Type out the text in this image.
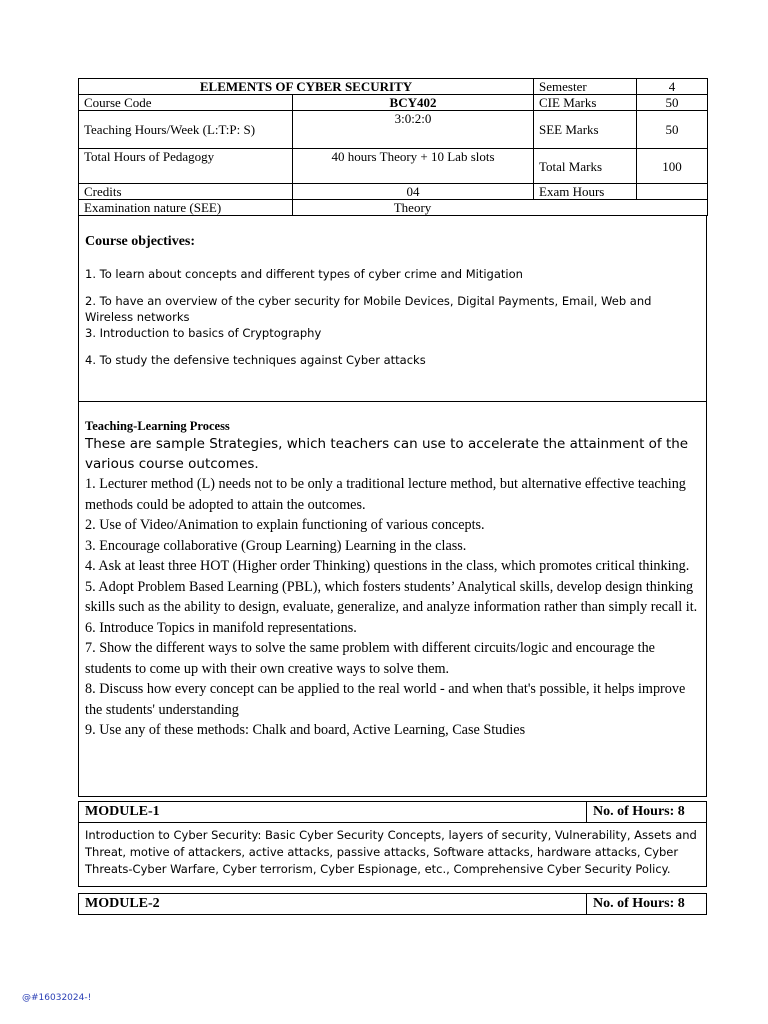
ELEMENTS OF CYBER SECURITY		Semester	4
Course Code	BCY402	CIE Marks	50
Teaching Hours/Week (L:T:P: S)	3:0:2:0	SEE Marks	50
Total Hours of Pedagogy	40 hours Theory + 10 Lab slots	Total Marks	100
Credits	04	Exam Hours	
Examination nature (SEE)	Theory		

Course objectives:

1. To learn about concepts and different types of cyber crime and Mitigation

2. To have an overview of the cyber security for Mobile Devices, Digital Payments, Email, Web and Wireless networks

3. Introduction to basics of Cryptography

4. To study the defensive techniques against Cyber attacks

Teaching-Learning Process

These are sample Strategies, which teachers can use to accelerate the attainment of the various course outcomes.

1. Lecturer method (L) needs not to be only a traditional lecture method, but alternative effective teaching methods could be adopted to attain the outcomes.

2. Use of Video/Animation to explain functioning of various concepts.

3. Encourage collaborative (Group Learning) Learning in the class.

4. Ask at least three HOT (Higher order Thinking) questions in the class, which promotes critical thinking.

5. Adopt Problem Based Learning (PBL), which fosters students’ Analytical skills, develop design thinking skills such as the ability to design, evaluate, generalize, and analyze information rather than simply recall it.

6. Introduce Topics in manifold representations.

7. Show the different ways to solve the same problem with different circuits/logic and encourage the students to come up with their own creative ways to solve them.

8. Discuss how every concept can be applied to the real world - and when that's possible, it helps improve the students' understanding

9. Use any of these methods: Chalk and board, Active Learning, Case Studies

MODULE-1	No. of Hours: 8
Introduction to Cyber Security: Basic Cyber Security Concepts, layers of security, Vulnerability, Assets and Threat, motive of attackers, active attacks, passive attacks, Software attacks, hardware attacks, Cyber Threats-Cyber Warfare, Cyber terrorism, Cyber Espionage, etc., Comprehensive Cyber Security Policy.
MODULE-2	No. of Hours: 8
@#16032024-!
